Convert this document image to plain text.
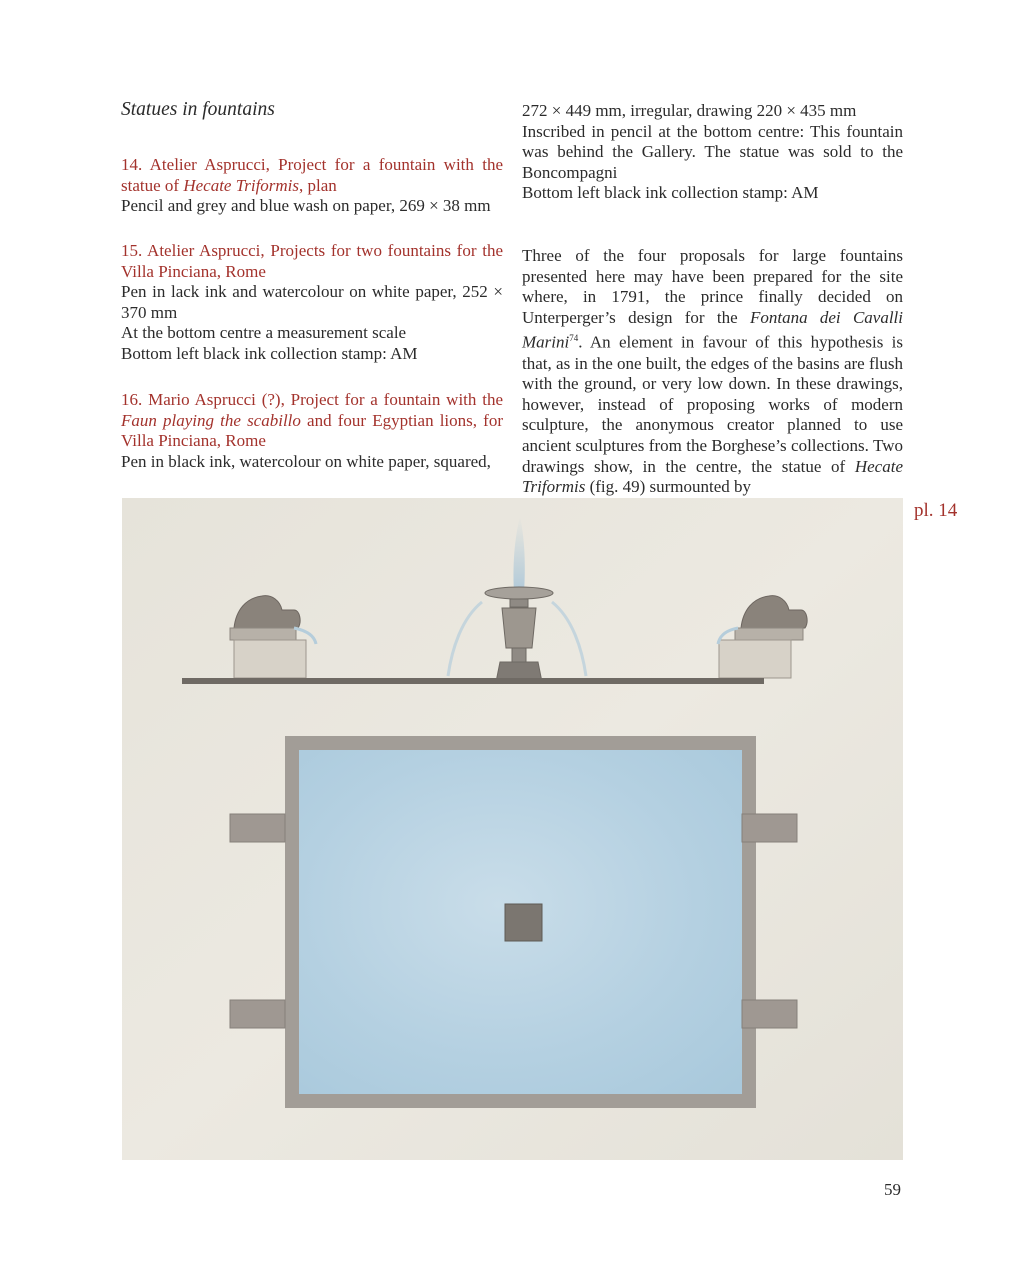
Statues in fountains

14. Atelier Asprucci, Project for a fountain with the statue of Hecate Triformis, plan

Pencil and grey and blue wash on paper, 269 × 38 mm

15. Atelier Asprucci, Projects for two fountains for the Villa Pinciana, Rome

Pen in lack ink and watercolour on white paper, 252 × 370 mm

At the bottom centre a measurement scale

Bottom left black ink collection stamp: AM

16. Mario Asprucci (?), Project for a fountain with the Faun playing the scabillo and four Egyptian lions, for Villa Pinciana, Rome

Pen in black ink, watercolour on white paper, squared,

272 × 449 mm, irregular, drawing 220 × 435 mm

Inscribed in pencil at the bottom centre: This fountain was behind the Gallery. The statue was sold to the Boncompagni

Bottom left black ink collection stamp: AM

Three of the four proposals for large fountains presented here may have been prepared for the site where, in 1791, the prince finally decided on Unterperger’s design for the Fontana dei Cavalli Marini$^{74}$. An element in favour of this hypothesis is that, as in the one built, the edges of the basins are flush with the ground, or very low down. In these drawings, however, instead of proposing works of modern sculpture, the anonymous creator planned to use ancient sculptures from the Borghese’s collections. Two drawings show, in the centre, the statue of Hecate Triformis (fig. 49) surmounted by

pl. 14
59
